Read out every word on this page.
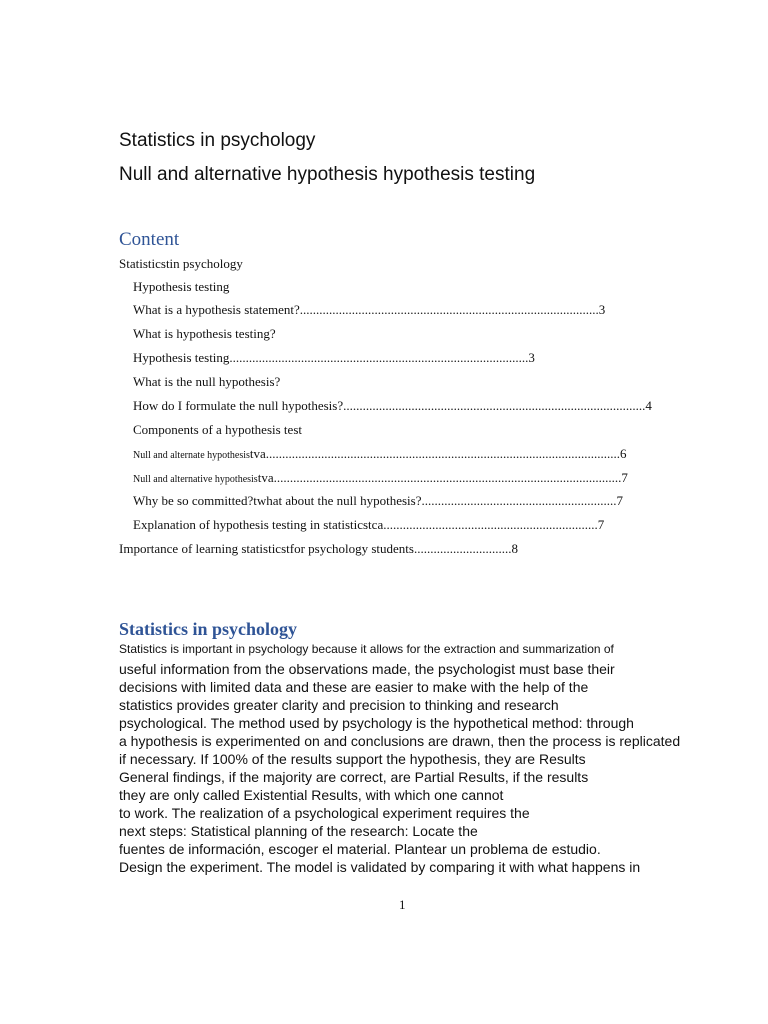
Statistics in psychology
Null and alternative hypothesis hypothesis testing
Content
Statisticstin psychology
Hypothesis testing
What is a hypothesis statement?............................................................................................3
What is hypothesis testing?
Hypothesis testing............................................................................................3
What is the null hypothesis?
How do I formulate the null hypothesis?.............................................................................................4
Components of a hypothesis test
Null and alternate hypothesistva.............................................................................................................6
Null and alternative hypothesistva...........................................................................................................7
Why be so committed?twhat about the null hypothesis?............................................................7
Explanation of hypothesis testing in statisticstca..................................................................7
Importance of learning statisticstfor psychology students..............................8
Statistics in psychology
Statistics is important in psychology because it allows for the extraction and summarization of
useful information from the observations made, the psychologist must base their
decisions with limited data and these are easier to make with the help of the
statistics provides greater clarity and precision to thinking and research
psychological. The method used by psychology is the hypothetical method: through
a hypothesis is experimented on and conclusions are drawn, then the process is replicated
if necessary. If 100% of the results support the hypothesis, they are Results
General findings, if the majority are correct, are Partial Results, if the results
they are only called Existential Results, with which one cannot
to work. The realization of a psychological experiment requires the
next steps: Statistical planning of the research: Locate the
fuentes de información, escoger el material. Plantear un problema de estudio.
Design the experiment. The model is validated by comparing it with what happens in
1
